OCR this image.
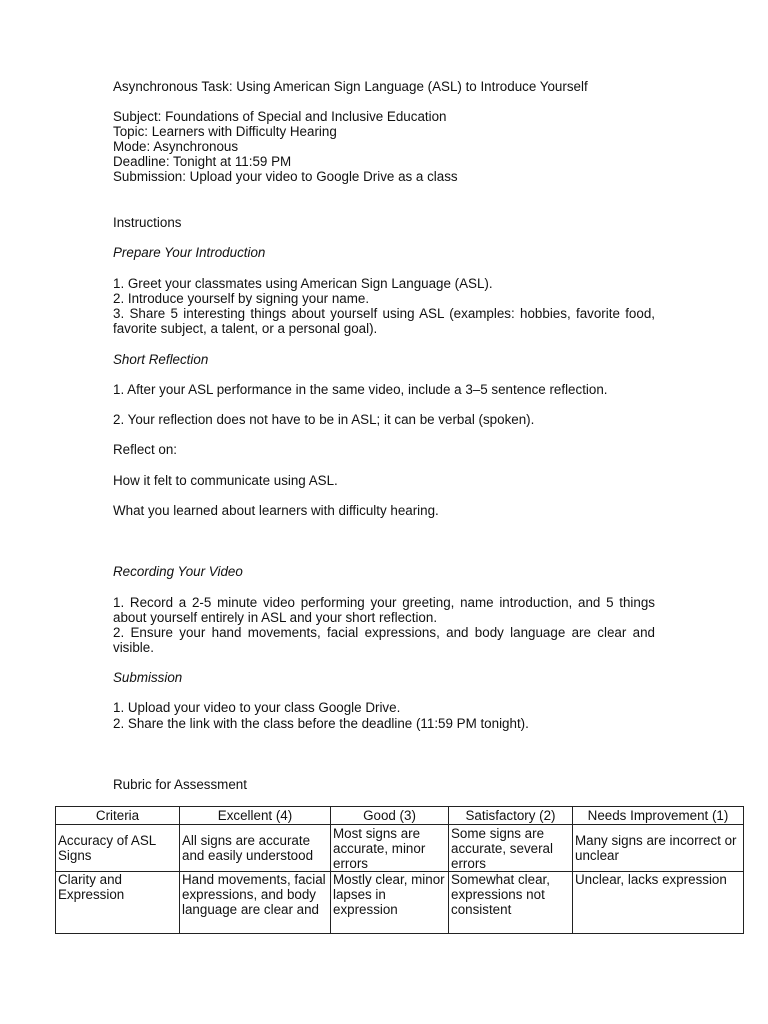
Asynchronous Task: Using American Sign Language (ASL) to Introduce Yourself
Subject: Foundations of Special and Inclusive Education
Topic: Learners with Difficulty Hearing
Mode: Asynchronous
Deadline: Tonight at 11:59 PM
Submission: Upload your video to Google Drive as a class
Instructions
Prepare Your Introduction
1. Greet your classmates using American Sign Language (ASL).
2. Introduce yourself by signing your name.
3. Share 5 interesting things about yourself using ASL (examples: hobbies, favorite food, favorite subject, a talent, or a personal goal).
Short Reflection
1. After your ASL performance in the same video, include a 3–5 sentence reflection.
2. Your reflection does not have to be in ASL; it can be verbal (spoken).
Reflect on:
How it felt to communicate using ASL.
What you learned about learners with difficulty hearing.
Recording Your Video
1. Record a 2-5 minute video performing your greeting, name introduction, and 5 things about yourself entirely in ASL and your short reflection.
2. Ensure your hand movements, facial expressions, and body language are clear and visible.
Submission
1. Upload your video to your class Google Drive.
2. Share the link with the class before the deadline (11:59 PM tonight).
Rubric for Assessment
Criteria	Excellent (4)	Good (3)	Satisfactory (2)	Needs Improvement (1)
Accuracy of ASL Signs	All signs are accurate and easily understood	Most signs are accurate, minor errors	Some signs are accurate, several errors	Many signs are incorrect or unclear
Clarity and Expression	Hand movements, facial expressions, and body language are clear and	Mostly clear, minor lapses in expression	Somewhat clear, expressions not consistent	Unclear, lacks expression
